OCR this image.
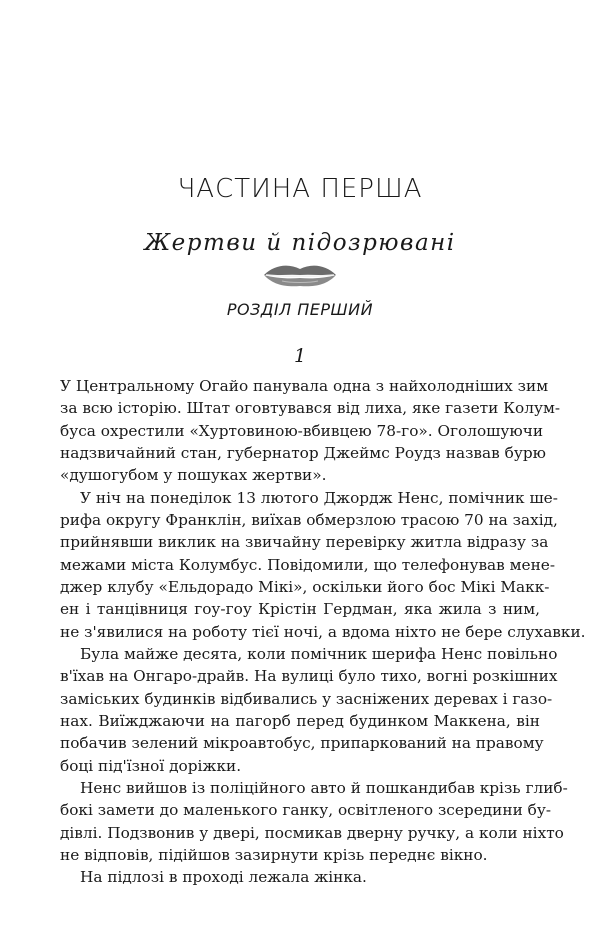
ЧАСТИНА ПЕРША
Жертви й підозрювані
РОЗДІЛ ПЕРШИЙ
1
У Центральному Огайо панувала одна з найхолодніших зим
за всю історію. Штат оговтувався від лиха, яке газети Колум-
буса охрестили «Хуртовиною-вбивцею 78-го». Оголошуючи
надзвичайний стан, губернатор Джеймс Роудз назвав бурю
«душогубом у пошуках жертви».
У ніч на понеділок 13 лютого Джордж Ненс, помічник ше-
рифа округу Франклін, виїхав обмерзлою трасою 70 на захід,
прийнявши виклик на звичайну перевірку житла відразу за
межами міста Колумбус. Повідомили, що телефонував мене-
джер клубу «Ельдорадо Мікі», оскільки його бос Мікі Макк-
ен і танцівниця гоу-гоу Крістін Гердман, яка жила з ним,
не з'явилися на роботу тієї ночі, а вдома ніхто не бере слухавки.
Була майже десята, коли помічник шерифа Ненс повільно
в'їхав на Онгаро-драйв. На вулиці було тихо, вогні розкішних
заміських будинків відбивались у засніжених деревах і газо-
нах. Виїжджаючи на пагорб перед будинком Маккена, він
побачив зелений мікроавтобус, припаркований на правому
боці під'їзної доріжки.
Ненс вийшов із поліційного авто й пошкандибав крізь глиб-
бокі замети до маленького ганку, освітленого зсередини бу-
дівлі. Подзвонив у двері, посмикав дверну ручку, а коли ніхто
не відповів, підійшов зазирнути крізь переднє вікно.
На підлозі в проході лежала жінка.
